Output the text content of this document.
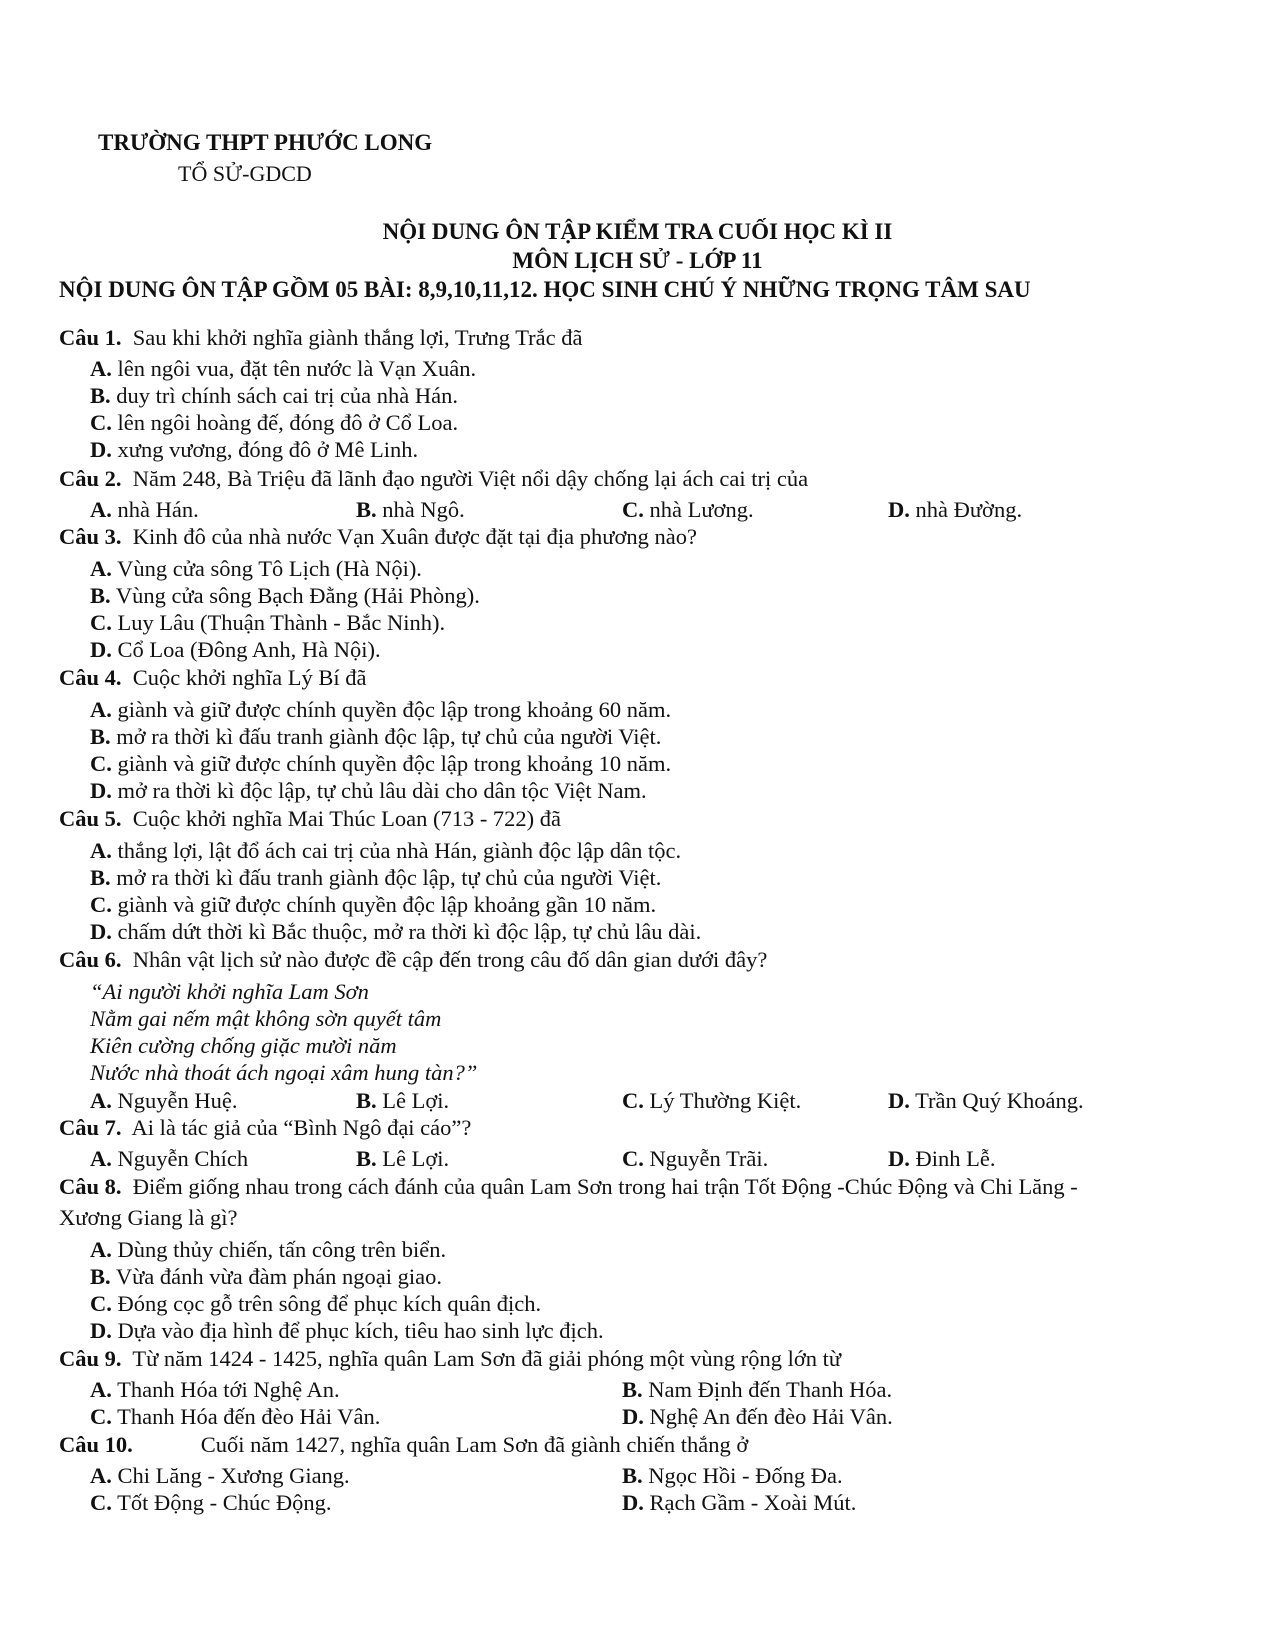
TRƯỜNG THPT PHƯỚC LONG
TỔ SỬ-GDCD
NỘI DUNG ÔN TẬP KIỂM TRA CUỐI HỌC KÌ II
MÔN LỊCH SỬ - LỚP 11
NỘI DUNG ÔN TẬP GỒM 05 BÀI: 8,9,10,11,12. HỌC SINH CHÚ Ý NHỮNG TRỌNG TÂM SAU
Câu 1. Sau khi khởi nghĩa giành thắng lợi, Trưng Trắc đã
A. lên ngôi vua, đặt tên nước là Vạn Xuân.
B. duy trì chính sách cai trị của nhà Hán.
C. lên ngôi hoàng đế, đóng đô ở Cổ Loa.
D. xưng vương, đóng đô ở Mê Linh.
Câu 2. Năm 248, Bà Triệu đã lãnh đạo người Việt nổi dậy chống lại ách cai trị của
A. nhà Hán.	B. nhà Ngô.	C. nhà Lương.	D. nhà Đường.
Câu 3. Kinh đô của nhà nước Vạn Xuân được đặt tại địa phương nào?
A. Vùng cửa sông Tô Lịch (Hà Nội).
B. Vùng cửa sông Bạch Đằng (Hải Phòng).
C. Luy Lâu (Thuận Thành - Bắc Ninh).
D. Cổ Loa (Đông Anh, Hà Nội).
Câu 4. Cuộc khởi nghĩa Lý Bí đã
A. giành và giữ được chính quyền độc lập trong khoảng 60 năm.
B. mở ra thời kì đấu tranh giành độc lập, tự chủ của người Việt.
C. giành và giữ được chính quyền độc lập trong khoảng 10 năm.
D. mở ra thời kì độc lập, tự chủ lâu dài cho dân tộc Việt Nam.
Câu 5. Cuộc khởi nghĩa Mai Thúc Loan (713 - 722) đã
A. thắng lợi, lật đổ ách cai trị của nhà Hán, giành độc lập dân tộc.
B. mở ra thời kì đấu tranh giành độc lập, tự chủ của người Việt.
C. giành và giữ được chính quyền độc lập khoảng gần 10 năm.
D. chấm dứt thời kì Bắc thuộc, mở ra thời kì độc lập, tự chủ lâu dài.
Câu 6. Nhân vật lịch sử nào được đề cập đến trong câu đố dân gian dưới đây?
“Ai người khởi nghĩa Lam Sơn
Nằm gai nếm mật không sờn quyết tâm
Kiên cường chống giặc mười năm
Nước nhà thoát ách ngoại xâm hung tàn?”
A. Nguyễn Huệ.	B. Lê Lợi.	C. Lý Thường Kiệt.	D. Trần Quý Khoáng.
Câu 7. Ai là tác giả của “Bình Ngô đại cáo”?
A. Nguyễn Chích	B. Lê Lợi.	C. Nguyễn Trãi.	D. Đinh Lễ.
Câu 8. Điểm giống nhau trong cách đánh của quân Lam Sơn trong hai trận Tốt Động -Chúc Động và Chi Lăng -
Xương Giang là gì?
A. Dùng thủy chiến, tấn công trên biển.
B. Vừa đánh vừa đàm phán ngoại giao.
C. Đóng cọc gỗ trên sông để phục kích quân địch.
D. Dựa vào địa hình để phục kích, tiêu hao sinh lực địch.
Câu 9. Từ năm 1424 - 1425, nghĩa quân Lam Sơn đã giải phóng một vùng rộng lớn từ
A. Thanh Hóa tới Nghệ An.	B. Nam Định đến Thanh Hóa.
C. Thanh Hóa đến đèo Hải Vân.	D. Nghệ An đến đèo Hải Vân.
Câu 10.	Cuối năm 1427, nghĩa quân Lam Sơn đã giành chiến thắng ở
A. Chi Lăng - Xương Giang.	B. Ngọc Hồi - Đống Đa.
C. Tốt Động - Chúc Động.	D. Rạch Gầm - Xoài Mút.
